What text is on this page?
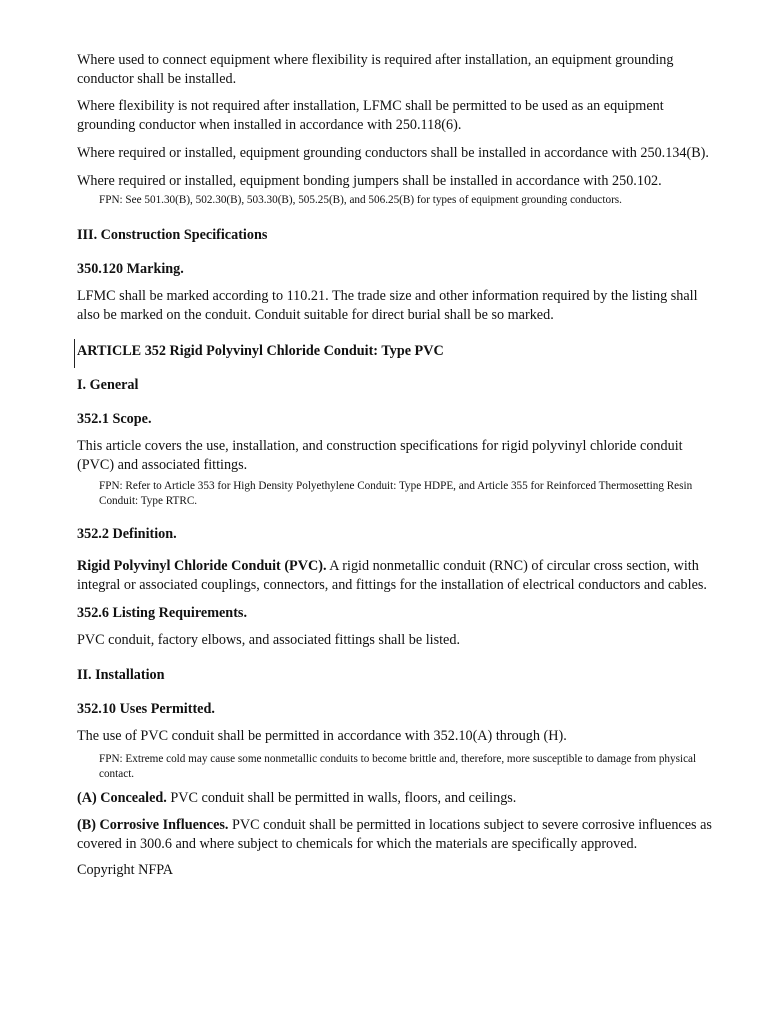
Where used to connect equipment where flexibility is required after installation, an equipment grounding conductor shall be installed.

Where flexibility is not required after installation, LFMC shall be permitted to be used as an equipment grounding conductor when installed in accordance with 250.118(6).

Where required or installed, equipment grounding conductors shall be installed in accordance with 250.134(B).

Where required or installed, equipment bonding jumpers shall be installed in accordance with 250.102.

FPN: See 501.30(B), 502.30(B), 503.30(B), 505.25(B), and 506.25(B) for types of equipment grounding conductors.

III. Construction Specifications

350.120 Marking.

LFMC shall be marked according to 110.21. The trade size and other information required by the listing shall also be marked on the conduit. Conduit suitable for direct burial shall be so marked.

ARTICLE 352 Rigid Polyvinyl Chloride Conduit: Type PVC

I. General

352.1 Scope.

This article covers the use, installation, and construction specifications for rigid polyvinyl chloride conduit (PVC) and associated fittings.

FPN: Refer to Article 353 for High Density Polyethylene Conduit: Type HDPE, and Article 355 for Reinforced Thermosetting Resin Conduit: Type RTRC.

352.2 Definition.

Rigid Polyvinyl Chloride Conduit (PVC). A rigid nonmetallic conduit (RNC) of circular cross section, with integral or associated couplings, connectors, and fittings for the installation of electrical conductors and cables.

352.6 Listing Requirements.

PVC conduit, factory elbows, and associated fittings shall be listed.

II. Installation

352.10 Uses Permitted.

The use of PVC conduit shall be permitted in accordance with 352.10(A) through (H).

FPN: Extreme cold may cause some nonmetallic conduits to become brittle and, therefore, more susceptible to damage from physical contact.

(A) Concealed. PVC conduit shall be permitted in walls, floors, and ceilings.

(B) Corrosive Influences. PVC conduit shall be permitted in locations subject to severe corrosive influences as covered in 300.6 and where subject to chemicals for which the materials are specifically approved.

Copyright NFPA
